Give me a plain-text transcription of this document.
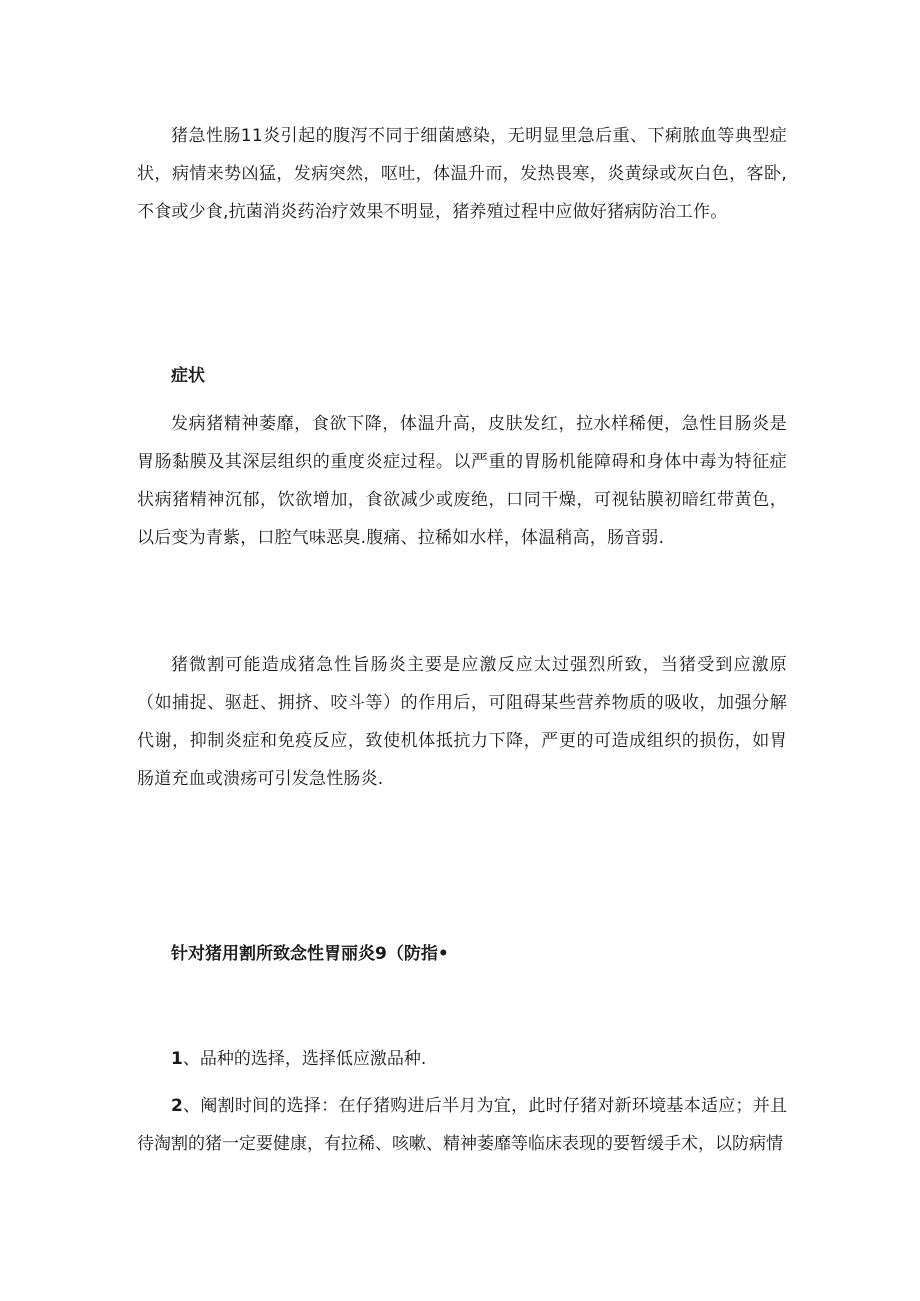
猪急性肠11炎引起的腹泻不同于细菌感染，无明显里急后重、下痢脓血等典型症状，病情来势凶猛，发病突然，呕吐，体温升而，发热畏寒，炎黄绿或灰白色，客卧,不食或少食,抗菌消炎药治疗效果不明显，猪养殖过程中应做好猪病防治工作。

症状

发病猪精神萎靡，食欲下降，体温升高，皮肤发红，拉水样稀便，急性目肠炎是胃肠黏膜及其深层组织的重度炎症过程。以严重的胃肠机能障碍和身体中毒为特征症状病猪精神沉郁，饮欲增加，食欲减少或废绝，口同干燥，可视钻膜初暗红带黄色，以后变为青紫，口腔气味恶臭.腹痛、拉稀如水样，体温稍高，肠音弱.

猪微割可能造成猪急性旨肠炎主要是应激反应太过强烈所致，当猪受到应激原（如捕捉、驱赶、拥挤、咬斗等）的作用后，可阻碍某些营养物质的吸收，加强分解代谢，抑制炎症和免疫反应，致使机体抵抗力下降，严更的可造成组织的损伤，如胃肠道充血或溃疡可引发急性肠炎.

针对猪用割所致念性胃丽炎9（防指•

1、品种的选择，选择低应激品种.

2、阉割时间的选择：在仔猪购进后半月为宜，此时仔猪对新环境基本适应；并且待淘割的猪一定要健康，有拉稀、咳嗽、精神萎靡等临床表现的要暂缓手术，以防病情
